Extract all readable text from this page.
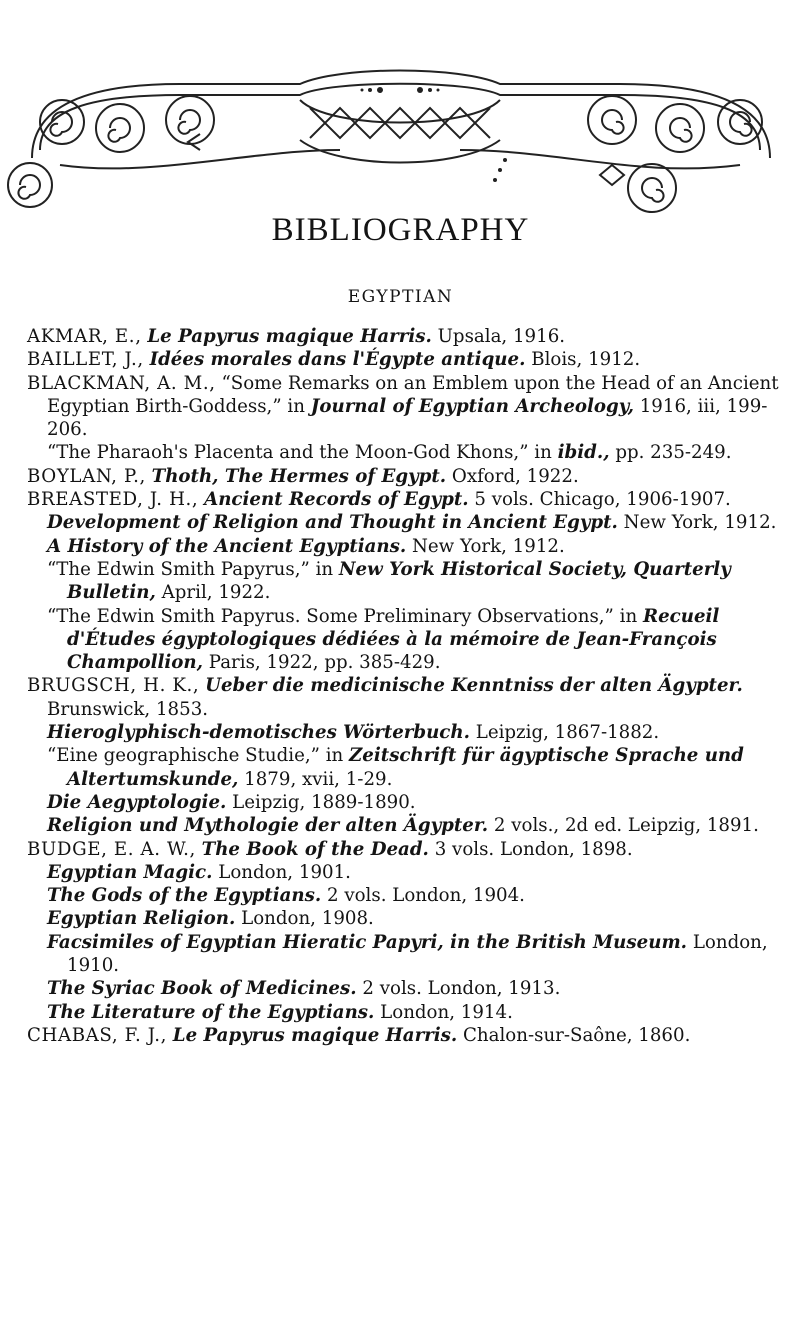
BIBLIOGRAPHY
EGYPTIAN

AKMAR, E., Le Papyrus magique Harris. Upsala, 1916.

BAILLET, J., Idées morales dans l'Égypte antique. Blois, 1912.

BLACKMAN, A. M., “Some Remarks on an Emblem upon the Head of an Ancient Egyptian Birth-Goddess,” in Journal of Egyptian Archeology, 1916, iii, 199-206.

“The Pharaoh's Placenta and the Moon-God Khons,” in ibid., pp. 235-249.

BOYLAN, P., Thoth, The Hermes of Egypt. Oxford, 1922.

BREASTED, J. H., Ancient Records of Egypt. 5 vols. Chicago, 1906-1907.

Development of Religion and Thought in Ancient Egypt. New York, 1912.

A History of the Ancient Egyptians. New York, 1912.

“The Edwin Smith Papyrus,” in New York Historical Society, Quarterly Bulletin, April, 1922.

“The Edwin Smith Papyrus. Some Preliminary Observations,” in Recueil d'Études égyptologiques dédiées à la mémoire de Jean-François Champollion, Paris, 1922, pp. 385-429.

BRUGSCH, H. K., Ueber die medicinische Kenntniss der alten Ägypter. Brunswick, 1853.

Hieroglyphisch-demotisches Wörterbuch. Leipzig, 1867-1882.

“Eine geographische Studie,” in Zeitschrift für ägyptische Sprache und Altertumskunde, 1879, xvii, 1-29.

Die Aegyptologie. Leipzig, 1889-1890.

Religion und Mythologie der alten Ägypter. 2 vols., 2d ed. Leipzig, 1891.

BUDGE, E. A. W., The Book of the Dead. 3 vols. London, 1898.

Egyptian Magic. London, 1901.

The Gods of the Egyptians. 2 vols. London, 1904.

Egyptian Religion. London, 1908.

Facsimiles of Egyptian Hieratic Papyri, in the British Museum. London, 1910.

The Syriac Book of Medicines. 2 vols. London, 1913.

The Literature of the Egyptians. London, 1914.

CHABAS, F. J., Le Papyrus magique Harris. Chalon-sur-Saône, 1860.
